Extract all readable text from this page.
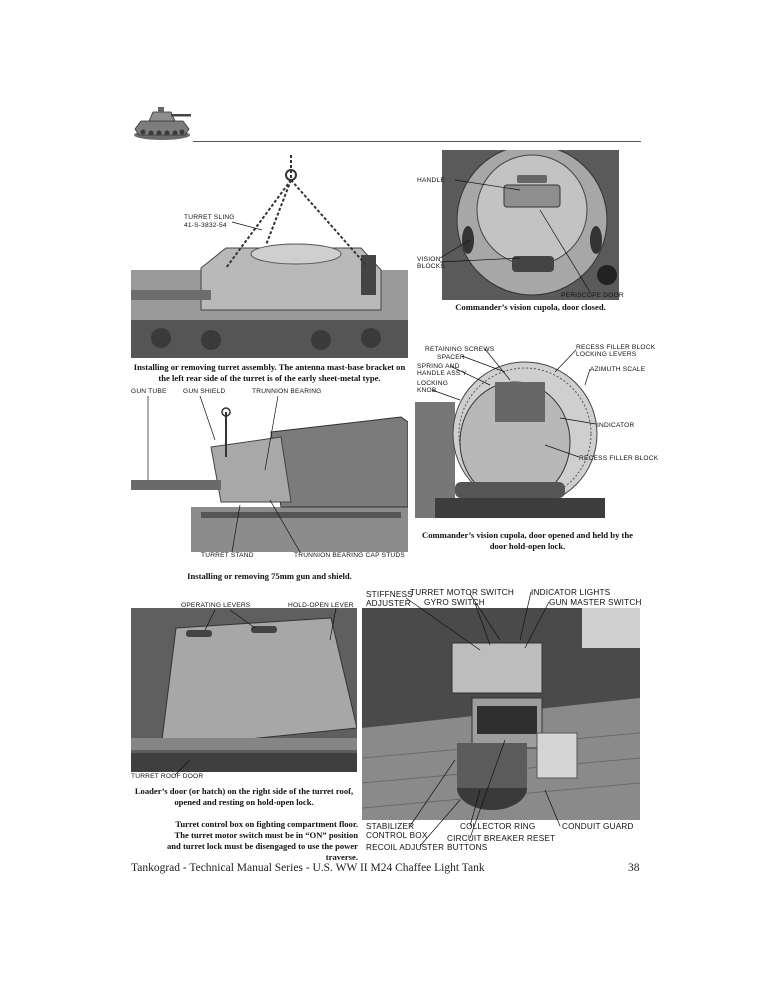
TURRET SLING
41-S-3832-54
Installing or removing turret assembly. The antenna mast-base bracket on the left rear side of the turret is of the early sheet-metal type.
HANDLE
VISION
BLOCKS
PERISCOPE DOOR
Commander’s vision cupola, door closed.
RETAINING SCREWS
SPACER
SPRING AND
HANDLE ASS’Y
LOCKING
KNOB
RECESS FILLER BLOCK
LOCKING LEVERS
AZIMUTH SCALE
INDICATOR
RECESS FILLER BLOCK
Commander’s vision cupola, door opened and held by the door hold-open lock.
GUN TUBE GUN SHIELD	TRUNNION BEARING
TURRET STAND	TRUNNION BEARING CAP STUDS
Installing or removing 75mm gun and shield.
OPERATING LEVERS	HOLD-OPEN LEVER
TURRET ROOF DOOR
Loader’s door (or hatch) on the right side of the turret roof, opened and resting on hold-open lock.
STIFFNESS
ADJUSTER
TURRET MOTOR SWITCH
GYRO SWITCH
INDICATOR LIGHTS
GUN MASTER SWITCH
STABILIZER
CONTROL BOX
COLLECTOR RING	CONDUIT GUARD
RECOIL ADJUSTER
CIRCUIT BREAKER RESET
BUTTONS
Turret control box on fighting compartment floor. The turret motor switch must be in “ON” position and turret lock must be disengaged to use the power traverse.
Tankograd - Technical Manual Series - U.S. WW II M24 Chaffee Light Tank	38
